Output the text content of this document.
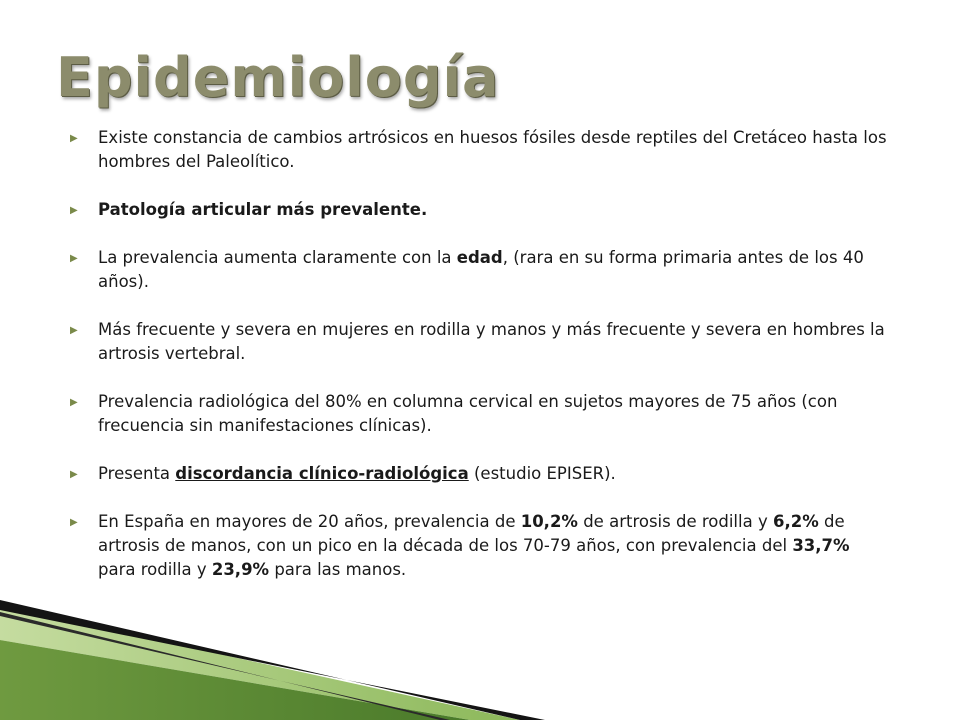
Epidemiología
▶ Existe constancia de cambios artrósicos en huesos fósiles desde reptiles del Cretáceo hasta los hombres del Paleolítico.
▶ Patología articular más prevalente.
▶ La prevalencia aumenta claramente con la edad, (rara en su forma primaria antes de los 40 años).
▶ Más frecuente y severa en mujeres en rodilla y manos y más frecuente y severa en hombres la artrosis vertebral.
▶ Prevalencia radiológica del 80% en columna cervical en sujetos mayores de 75 años (con frecuencia sin manifestaciones clínicas).
▶ Presenta discordancia clínico-radiológica (estudio EPISER).
▶ En España en mayores de 20 años, prevalencia de 10,2% de artrosis de rodilla y 6,2% de artrosis de manos, con un pico en la década de los 70-79 años, con prevalencia del 33,7% para rodilla y 23,9% para las manos.
